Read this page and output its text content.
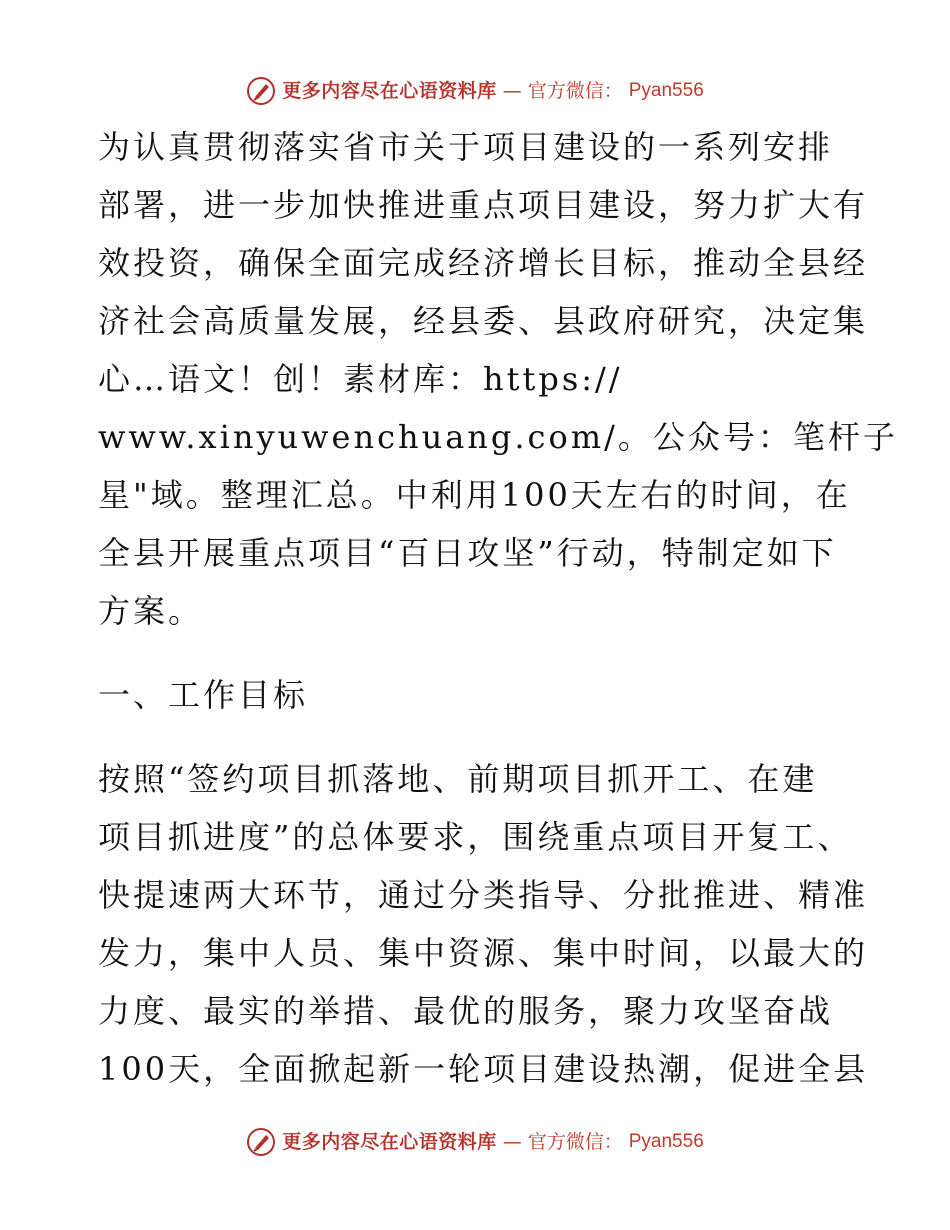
更多内容尽在心语资料库 — 官方微信： Pyan556

为认真贯彻落实省市关于项目建设的一系列安排
部署，进一步加快推进重点项目建设，努力扩大有
效投资，确保全面完成经济增长目标，推动全县经
济社会高质量发展，经县委、县政府研究，决定集
心…语文！创！素材库：https://
www.xinyuwenchuang.com/。公众号：笔杆子
星"域。整理汇总。中利用100天左右的时间，在
全县开展重点项目“百日攻坚”行动，特制定如下
方案。

一、工作目标

按照“签约项目抓落地、前期项目抓开工、在建
项目抓进度”的总体要求，围绕重点项目开复工、
快提速两大环节，通过分类指导、分批推进、精准
发力，集中人员、集中资源、集中时间，以最大的
力度、最实的举措、最优的服务，聚力攻坚奋战
100天，全面掀起新一轮项目建设热潮，促进全县

更多内容尽在心语资料库 — 官方微信： Pyan556
